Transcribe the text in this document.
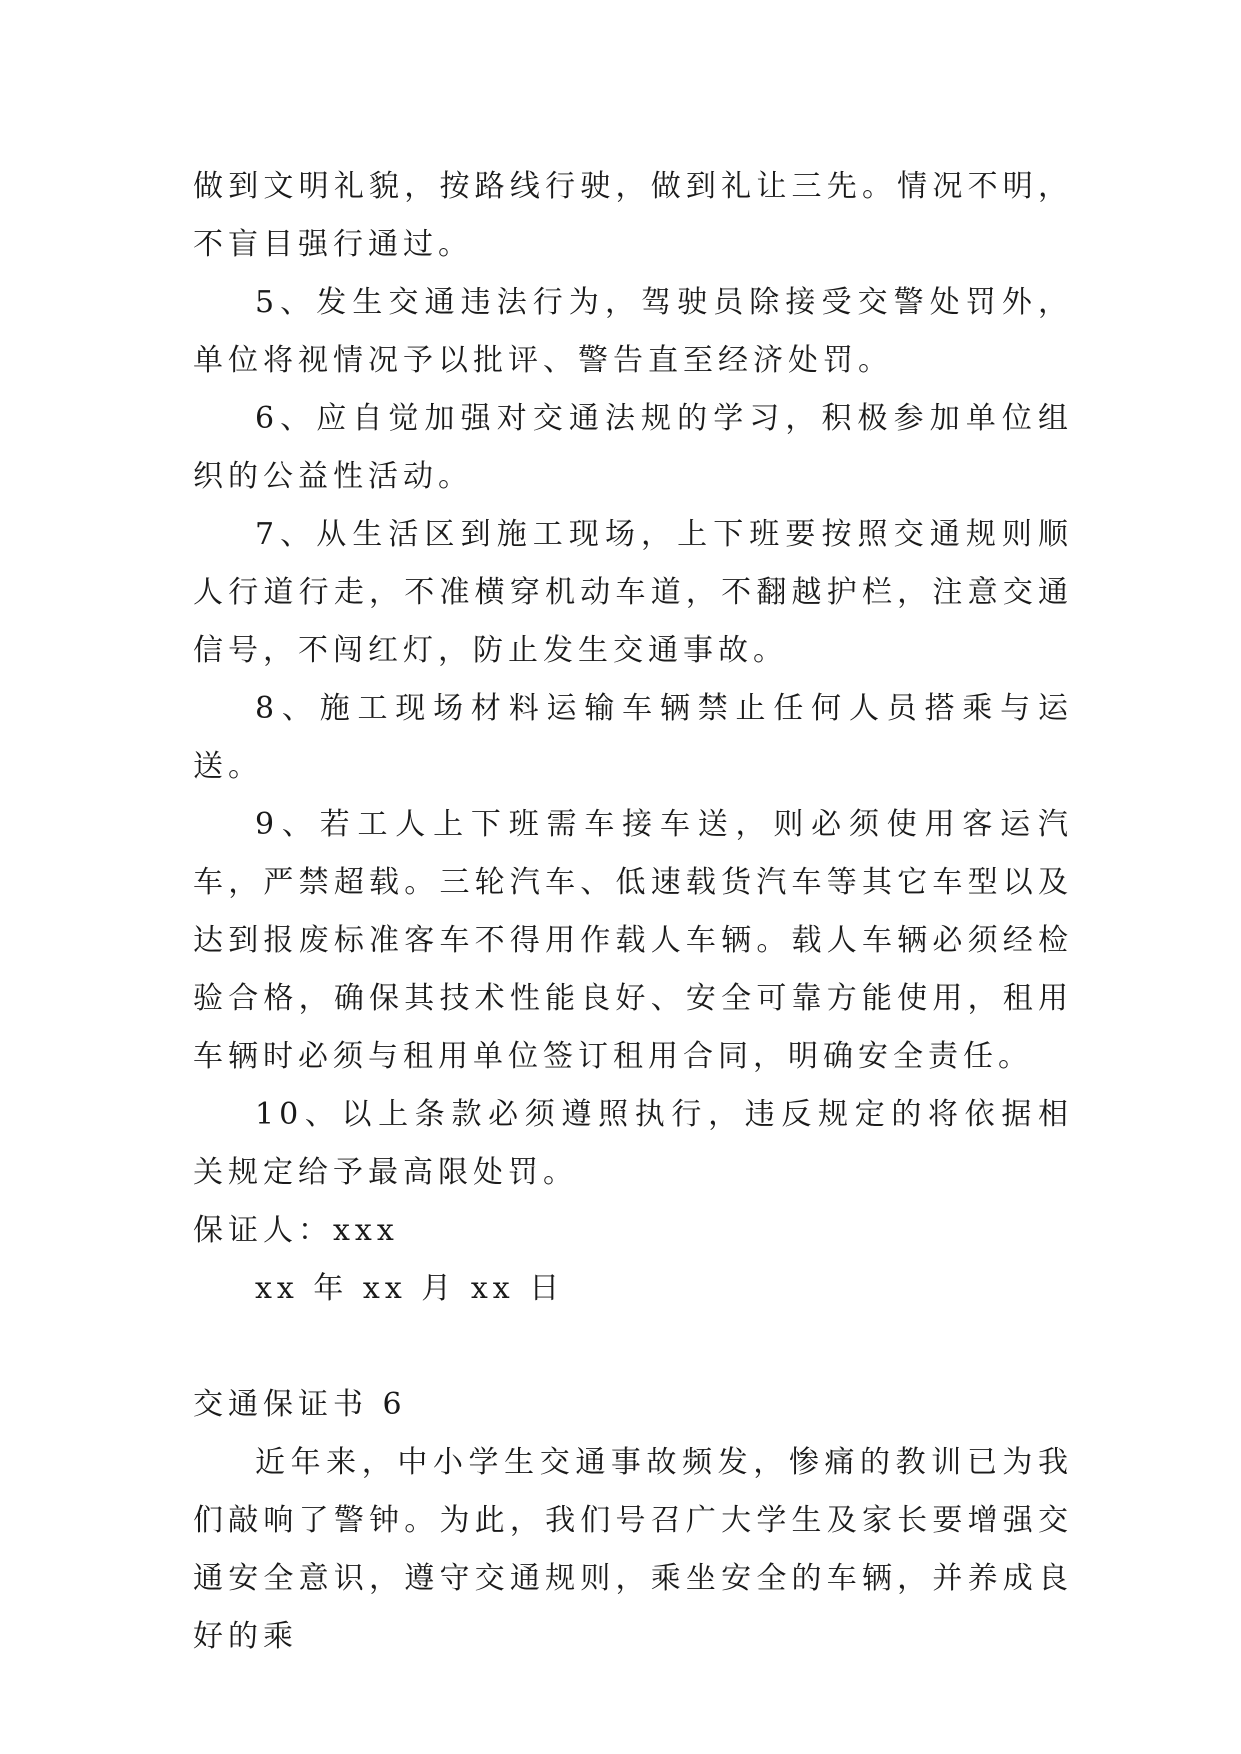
做到文明礼貌，按路线行驶，做到礼让三先。情况不明，不盲目强行通过。

5、发生交通违法行为，驾驶员除接受交警处罚外，单位将视情况予以批评、警告直至经济处罚。

6、应自觉加强对交通法规的学习，积极参加单位组织的公益性活动。

7、从生活区到施工现场，上下班要按照交通规则顺人行道行走，不准横穿机动车道，不翻越护栏，注意交通信号，不闯红灯，防止发生交通事故。

8、施工现场材料运输车辆禁止任何人员搭乘与运送。

9、若工人上下班需车接车送，则必须使用客运汽车，严禁超载。三轮汽车、低速载货汽车等其它车型以及达到报废标准客车不得用作载人车辆。载人车辆必须经检验合格，确保其技术性能良好、安全可靠方能使用，租用车辆时必须与租用单位签订租用合同，明确安全责任。

10、以上条款必须遵照执行，违反规定的将依据相关规定给予最高限处罚。

保证人：xxx

xx 年 xx 月 xx 日

交通保证书 6

近年来，中小学生交通事故频发，惨痛的教训已为我们敲响了警钟。为此，我们号召广大学生及家长要增强交通安全意识，遵守交通规则，乘坐安全的车辆，并养成良好的乘
